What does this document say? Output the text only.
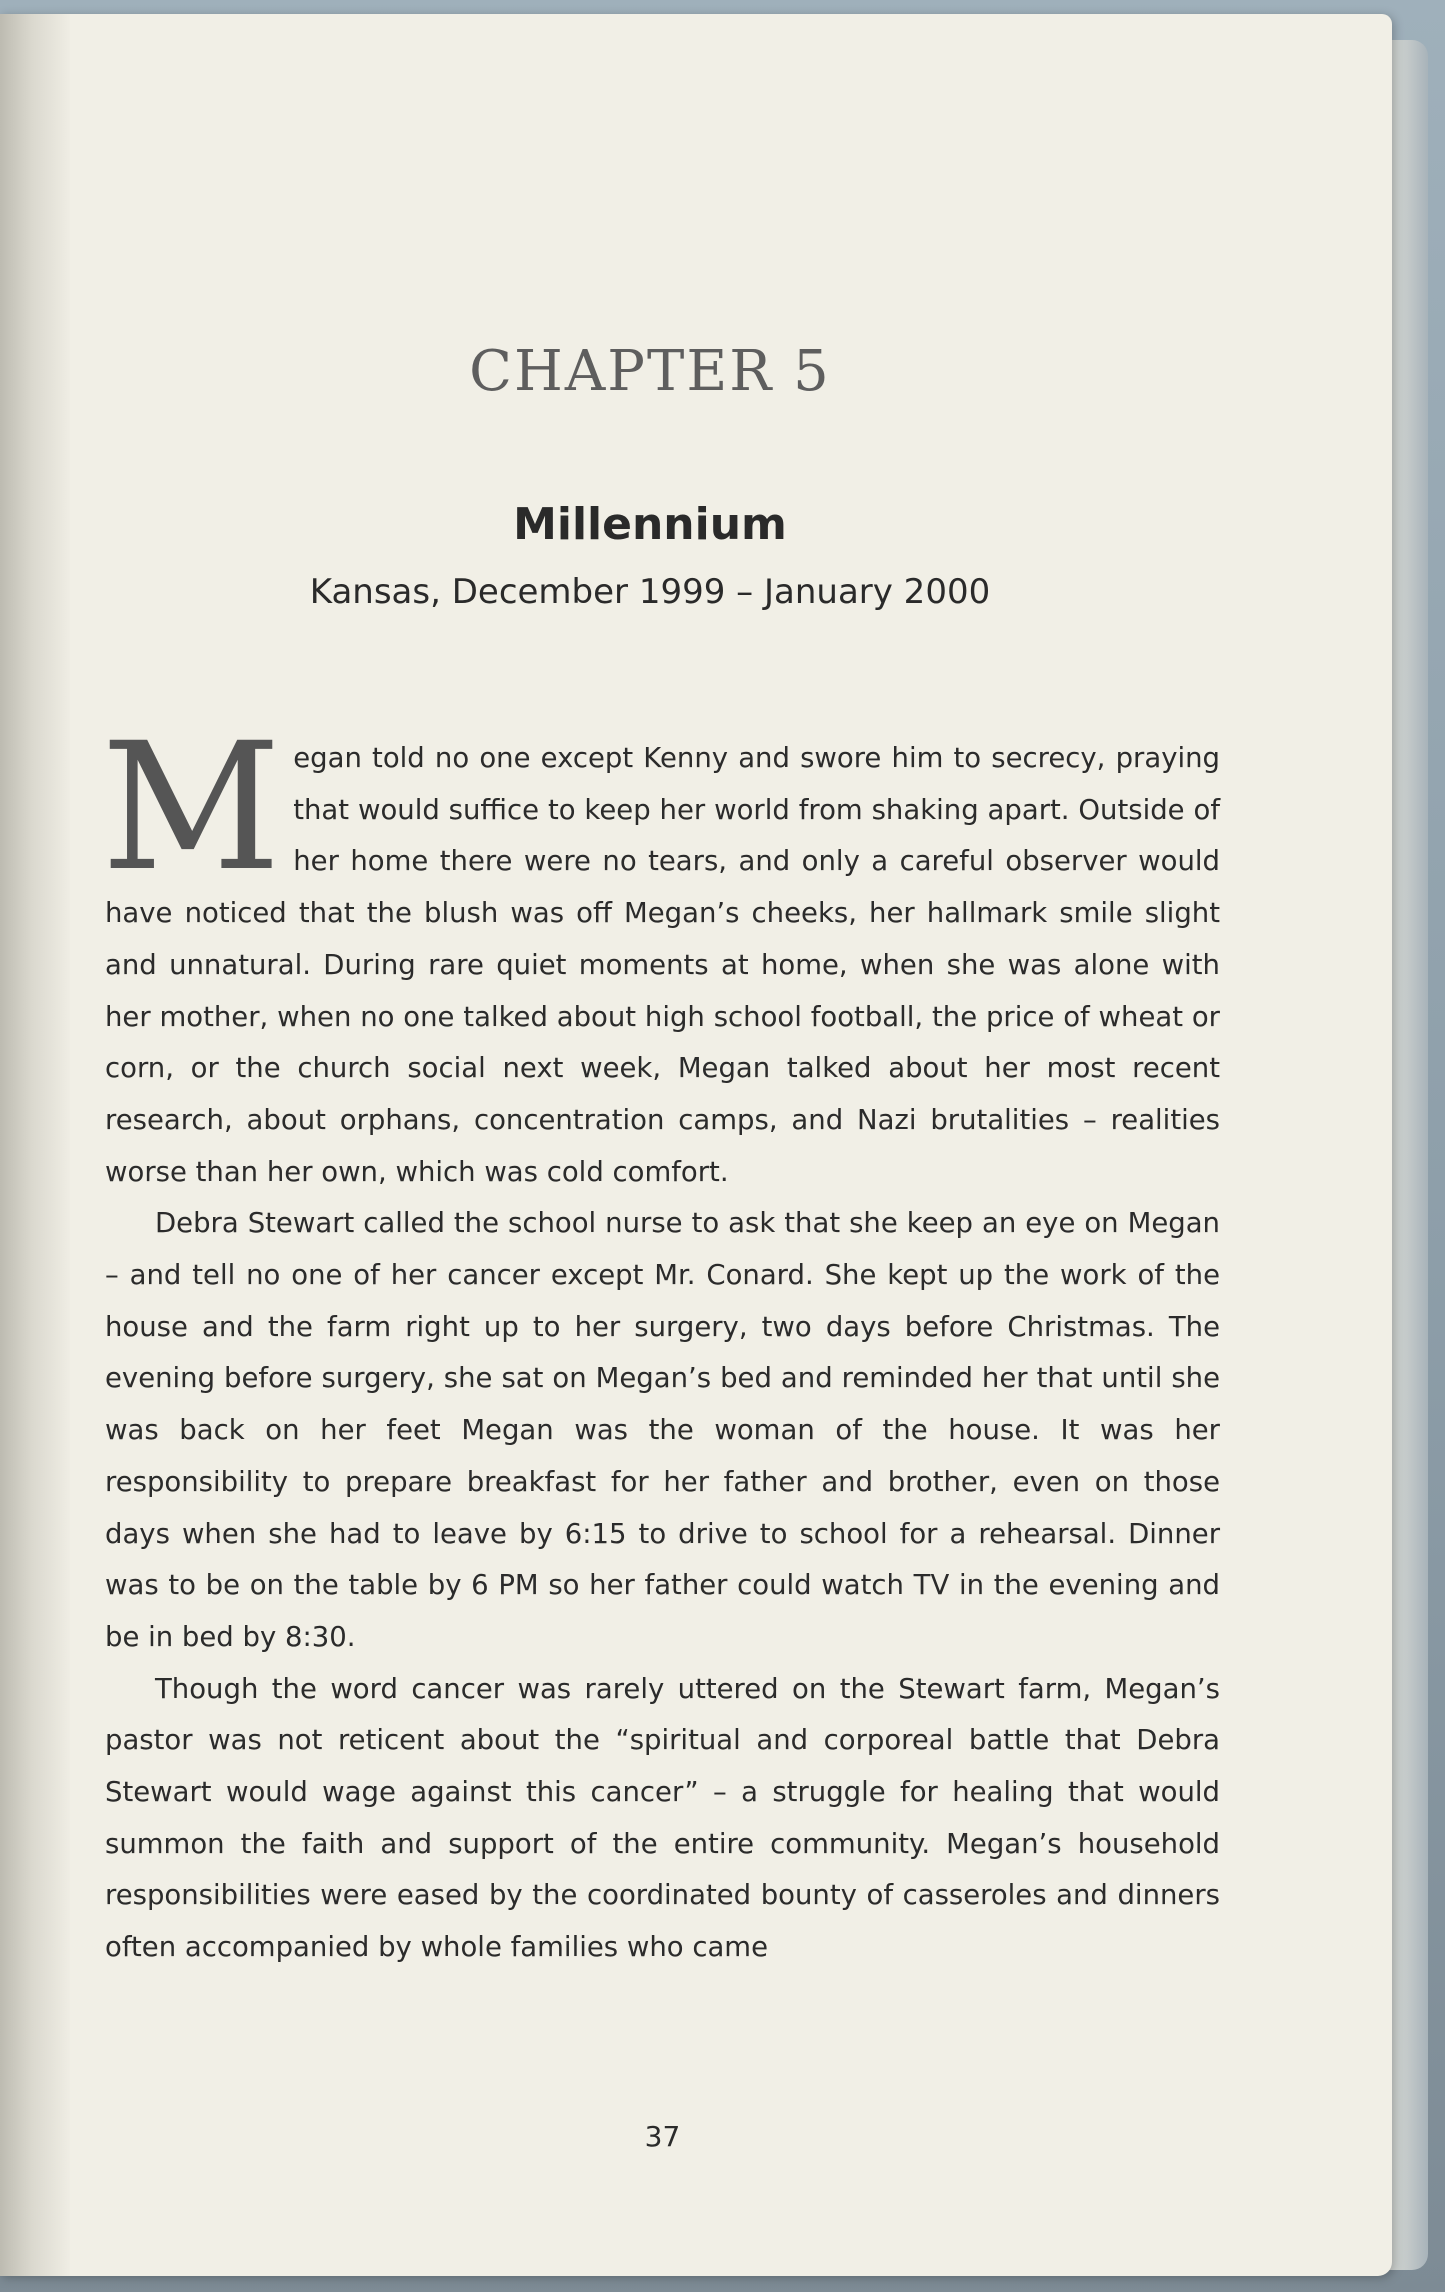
CHAPTER 5
Millennium
Kansas, December 1999 – January 2000

Megan told no one except Kenny and swore him to secrecy, praying that would suffice to keep her world from shaking apart. Outside of her home there were no tears, and only a careful observer would have noticed that the blush was off Megan’s cheeks, her hallmark smile slight and unnatural. During rare quiet moments at home, when she was alone with her mother, when no one talked about high school football, the price of wheat or corn, or the church social next week, Megan talked about her most recent research, about orphans, concentration camps, and Nazi brutalities – realities worse than her own, which was cold comfort.

Debra Stewart called the school nurse to ask that she keep an eye on Megan – and tell no one of her cancer except Mr. Conard. She kept up the work of the house and the farm right up to her surgery, two days before Christmas. The evening before surgery, she sat on Megan’s bed and reminded her that until she was back on her feet Megan was the woman of the house. It was her responsibility to prepare breakfast for her father and brother, even on those days when she had to leave by 6:15 to drive to school for a rehearsal. Dinner was to be on the table by 6 PM so her father could watch TV in the evening and be in bed by 8:30.

Though the word cancer was rarely uttered on the Stewart farm, Megan’s pastor was not reticent about the “spiritual and corporeal battle that Debra Stewart would wage against this cancer” – a struggle for healing that would summon the faith and support of the entire community. Megan’s household responsibilities were eased by the coordinated bounty of casseroles and dinners often accompanied by whole families who came

37
